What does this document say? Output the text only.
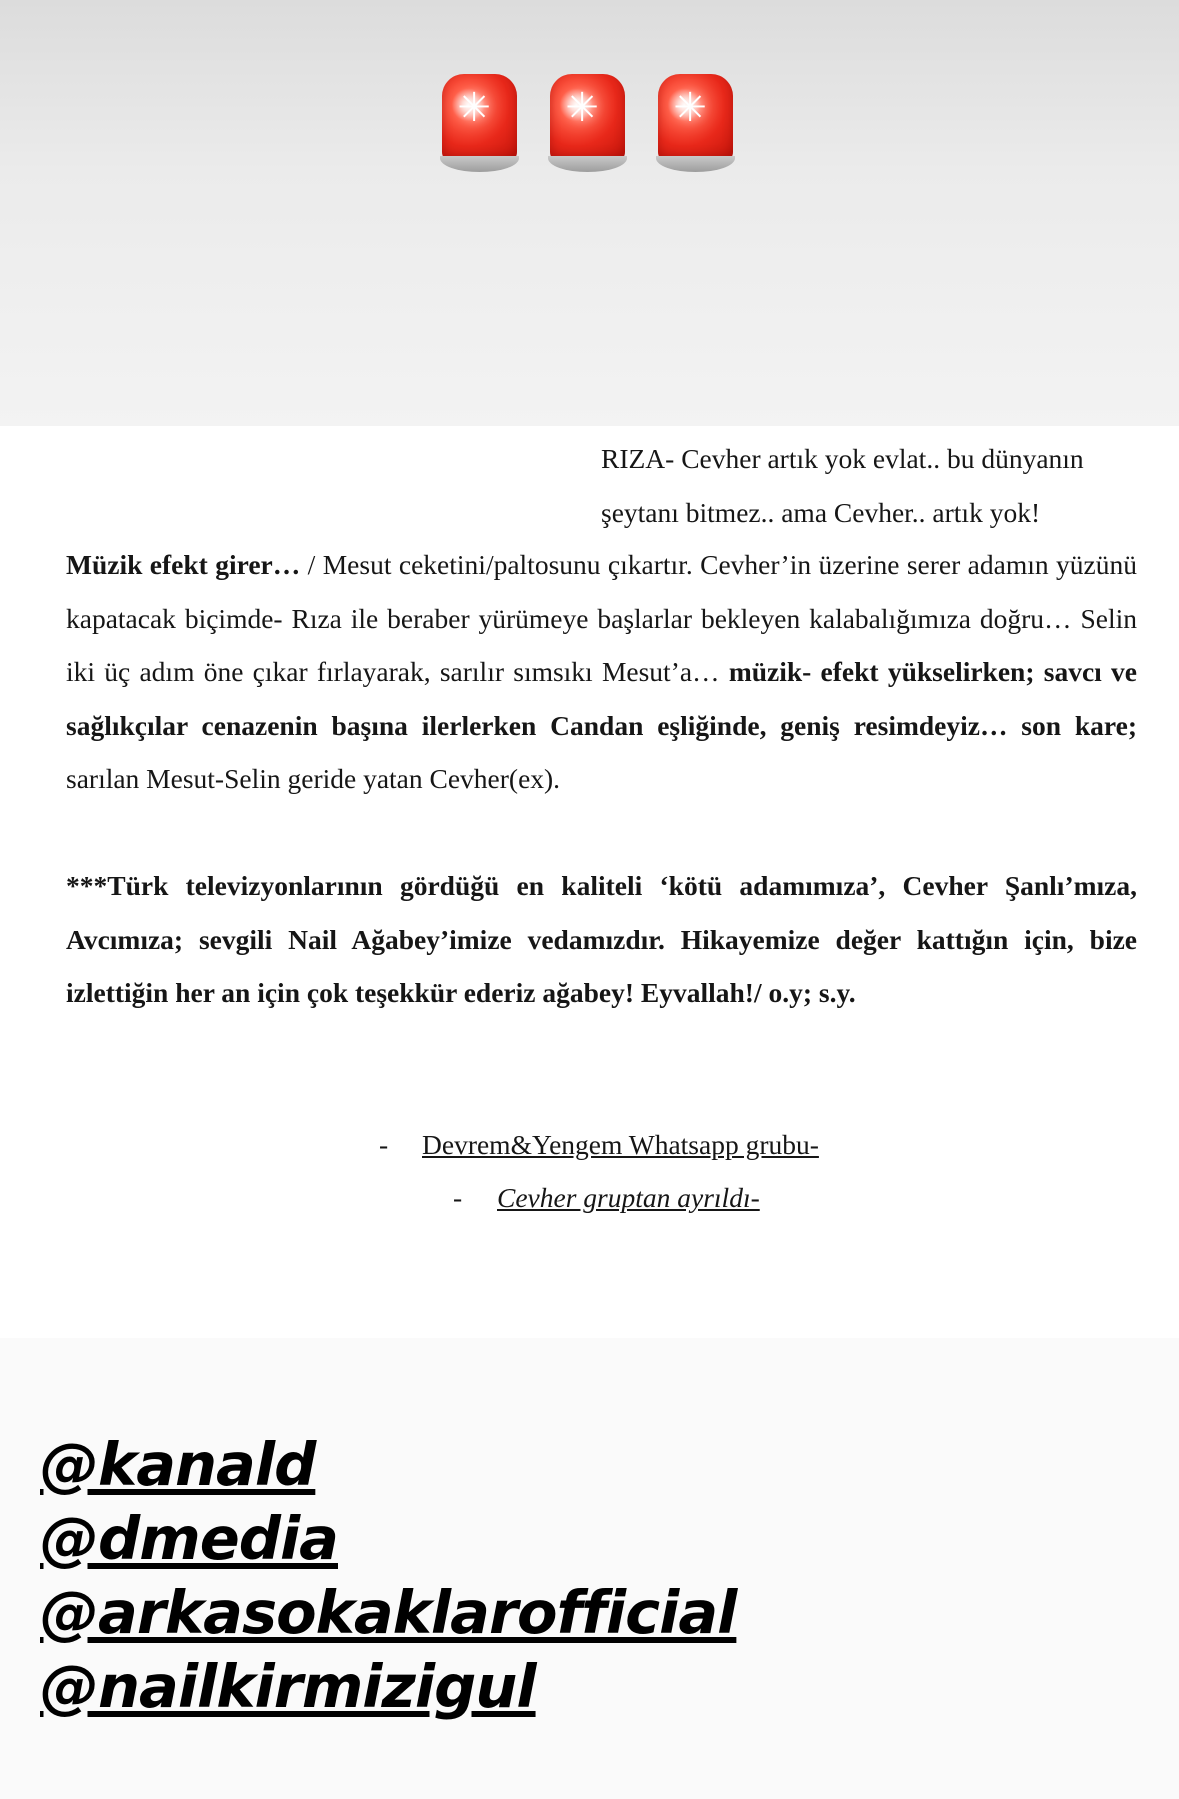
✳ ✳ ✳

RIZA- Cevher artık yok evlat.. bu dünyanın

şeytanı bitmez.. ama Cevher.. artık yok!

Müzik efekt girer… / Mesut ceketini/paltosunu çıkartır. Cevher’in üzerine serer adamın yüzünü kapatacak biçimde- Rıza ile beraber yürümeye başlarlar bekleyen kalabalığımıza doğru… Selin iki üç adım öne çıkar fırlayarak, sarılır sımsıkı Mesut’a… müzik- efekt yükselirken; savcı ve sağlıkçılar cenazenin başına ilerlerken Candan eşliğinde, geniş resimdeyiz… son kare; sarılan Mesut-Selin geride yatan Cevher(ex).

***Türk televizyonlarının gördüğü en kaliteli ‘kötü adamımıza’, Cevher Şanlı’mıza, Avcımıza; sevgili Nail Ağabey’imize vedamızdır. Hikayemize değer kattığın için, bize izlettiğin her an için çok teşekkür ederiz ağabey! Eyvallah!/ o.y; s.y.

- Devrem&Yengem Whatsapp grubu-
- Cevher gruptan ayrıldı-
@kanald
@dmedia
@arkasokaklarofficial
@nailkirmizigul
